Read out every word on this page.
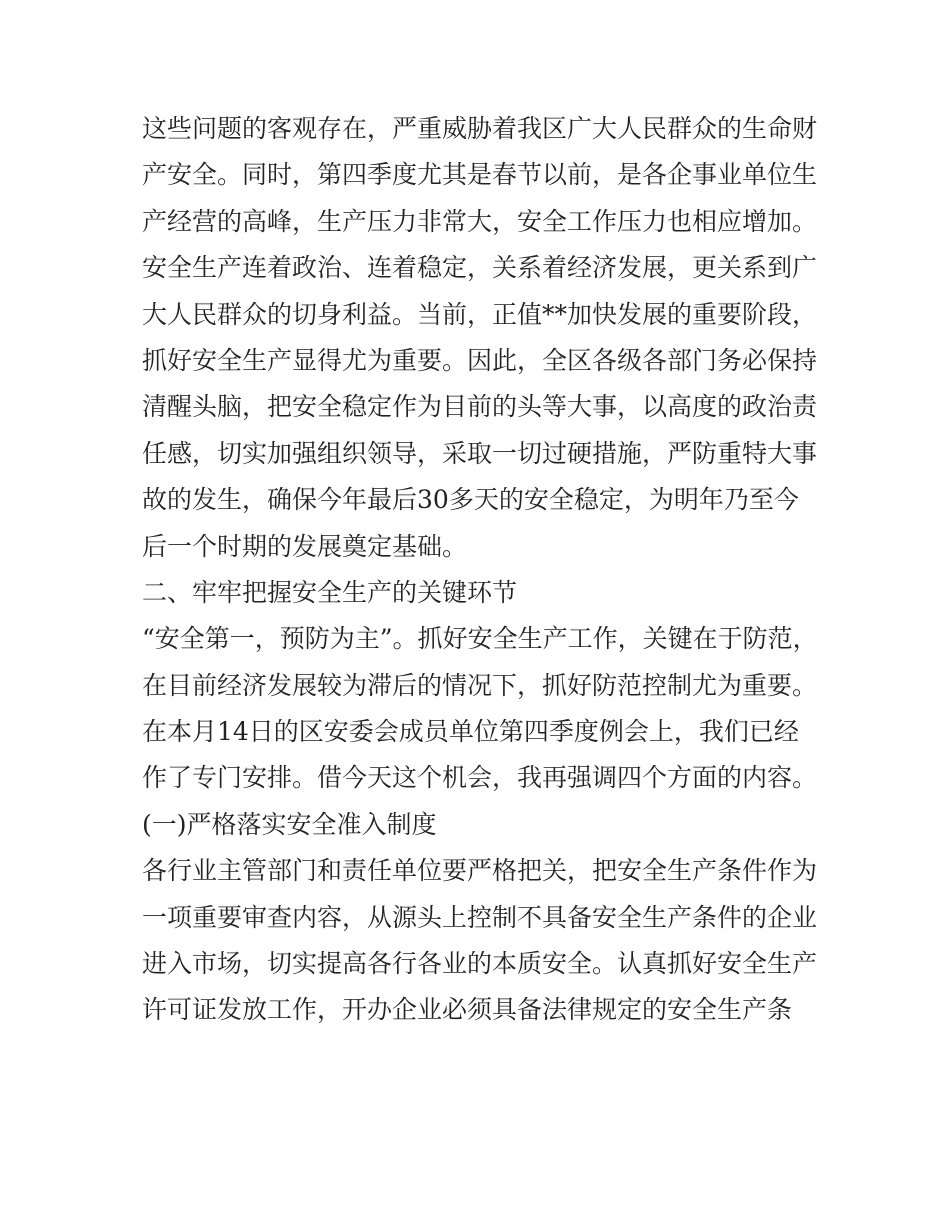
这些问题的客观存在，严重威胁着我区广大人民群众的生命财
产安全。同时，第四季度尤其是春节以前，是各企事业单位生
产经营的高峰，生产压力非常大，安全工作压力也相应增加。
安全生产连着政治、连着稳定，关系着经济发展，更关系到广
大人民群众的切身利益。当前，正值**加快发展的重要阶段，
抓好安全生产显得尤为重要。因此，全区各级各部门务必保持
清醒头脑，把安全稳定作为目前的头等大事，以高度的政治责
任感，切实加强组织领导，采取一切过硬措施，严防重特大事
故的发生，确保今年最后30多天的安全稳定，为明年乃至今
后一个时期的发展奠定基础。
二、牢牢把握安全生产的关键环节
“安全第一，预防为主”。抓好安全生产工作，关键在于防范，
在目前经济发展较为滞后的情况下，抓好防范控制尤为重要。
在本月14日的区安委会成员单位第四季度例会上，我们已经
作了专门安排。借今天这个机会，我再强调四个方面的内容。
(一)严格落实安全准入制度
各行业主管部门和责任单位要严格把关，把安全生产条件作为
一项重要审查内容，从源头上控制不具备安全生产条件的企业
进入市场，切实提高各行各业的本质安全。认真抓好安全生产
许可证发放工作，开办企业必须具备法律规定的安全生产条
